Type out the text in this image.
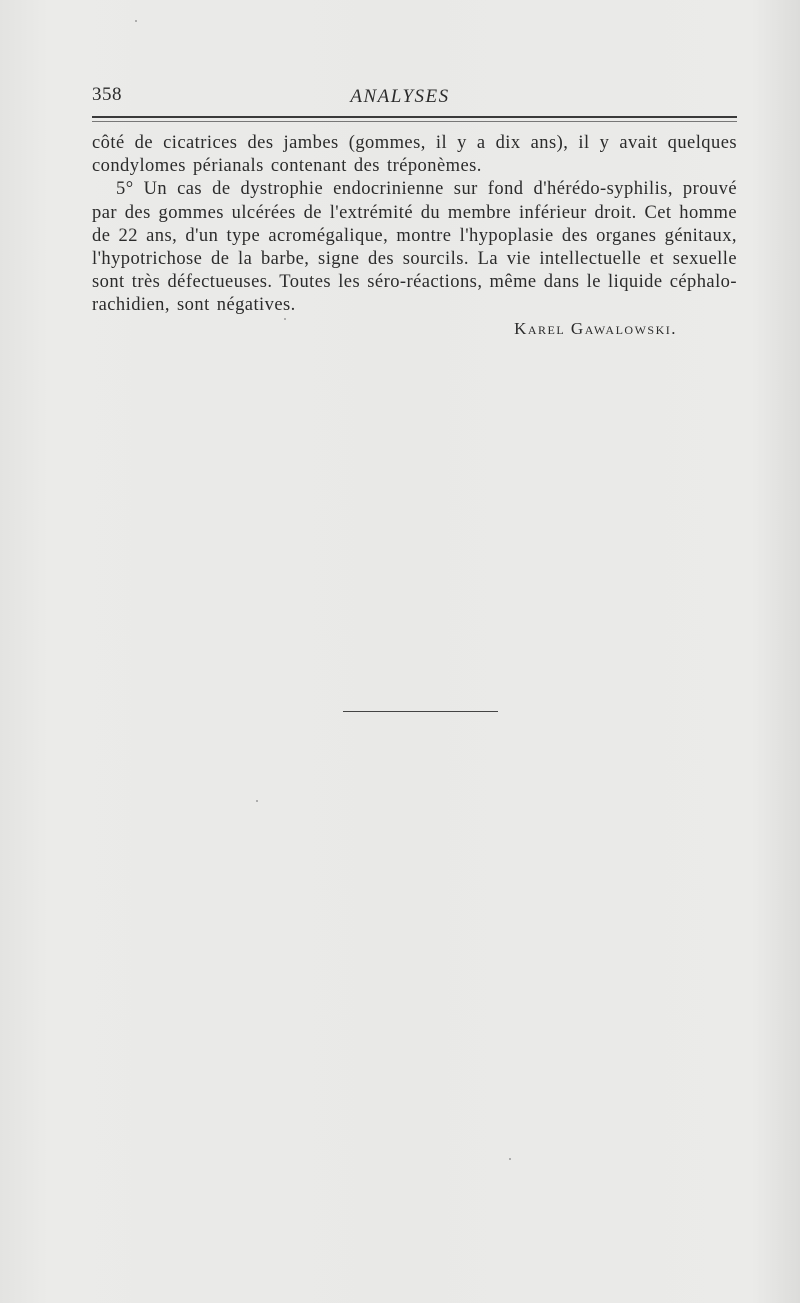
358	ANALYSES

côté de cicatrices des jambes (gommes, il y a dix ans), il y avait quelques condylomes périanals contenant des tréponèmes.

5° Un cas de dystrophie endocrinienne sur fond d'hérédo-syphilis, prouvé par des gommes ulcérées de l'extrémité du membre inférieur droit. Cet homme de 22 ans, d'un type acromégalique, montre l'hypoplasie des organes génitaux, l'hypotrichose de la barbe, signe des sourcils. La vie intellectuelle et sexuelle sont très défectueuses. Toutes les séro-réactions, même dans le liquide céphalo-rachidien, sont négatives.

Karel Gawalowski.
